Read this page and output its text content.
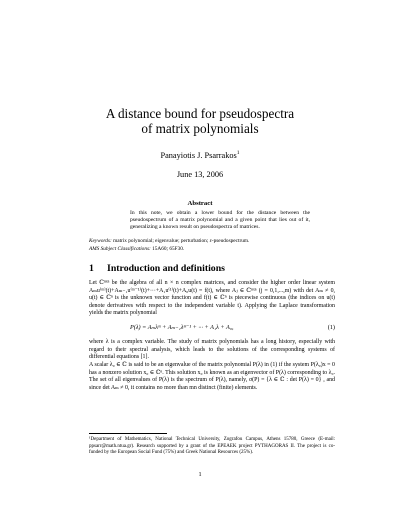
A distance bound for pseudospectra
of matrix polynomials
Panayiotis J. Psarrakos$^1$
June 13, 2006
Abstract
In this note, we obtain a lower bound for the distance between the pseudospectrum of a matrix polynomial and a given point that lies out of it, generalizing a known result on pseudospectra of matrices.
Keywords: matrix polynomial; eigenvalue; perturbation; ε-pseudospectrum.
AMS Subject Classifications: 15A60; 65F30.
1 Introduction and definitions
Let ℂⁿˣⁿ be the algebra of all n × n complex matrices, and consider the higher order linear system Aₘu⁽ᵐ⁾(t)+Aₘ₋₁u⁽ᵐ⁻¹⁾(t)+···+A₁u⁽¹⁾(t)+A₀u(t) = f(t), where Aⱼ ∈ ℂⁿˣⁿ (j = 0,1,...,m) with det Aₘ ≠ 0, u(t) ∈ ℂⁿ is the unknown vector function and f(t) ∈ ℂⁿ is piecewise continuous (the indices on u(t) denote derivatives with respect to the independent variable t). Applying the Laplace transformation yields the matrix polynomial
P(λ) = Aₘλᵐ + Aₘ₋₁λᵐ⁻¹ + ··· + A₁λ + A₀,	(1)
where λ is a complex variable. The study of matrix polynomials has a long history, especially with regard to their spectral analysis, which leads to the solutions of the corresponding systems of differential equations [1].
A scalar λ₀ ∈ ℂ is said to be an eigenvalue of the matrix polynomial P(λ) in (1) if the system P(λ₀)x = 0 has a nonzero solution x₀ ∈ ℂⁿ. This solution x₀ is known as an eigenvector of P(λ) corresponding to λ₀. The set of all eigenvalues of P(λ) is the spectrum of P(λ), namely, σ(P) = {λ ∈ ℂ : det P(λ) = 0} , and since det Aₘ ≠ 0, it contains no more than mn distinct (finite) elements.
¹Department of Mathematics, National Technical University, Zografou Campus, Athens 15780, Greece (E-mail: ppsarr@math.ntua.gr). Research supported by a grant of the EPEAEK project PYTHAGORAS II. The project is co-funded by the European Social Fund (75%) and Greek National Resources (25%).
1
